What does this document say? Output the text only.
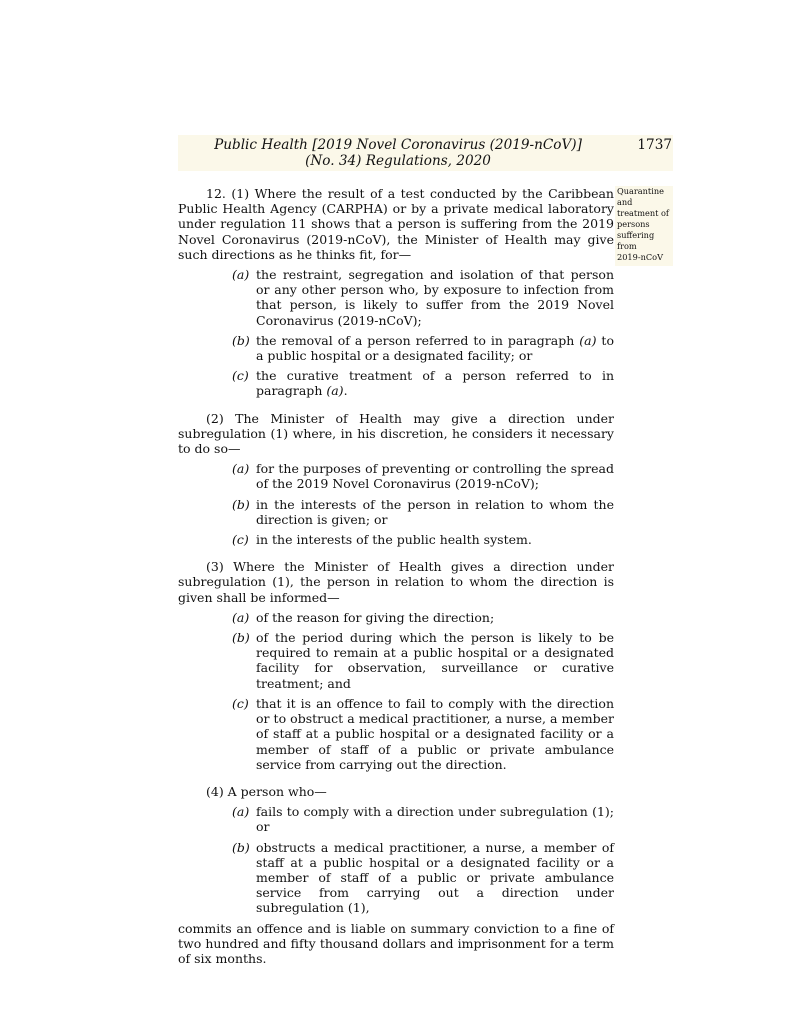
Public Health [2019 Novel Coronavirus (2019-nCoV)]
(No. 34) Regulations, 2020
1737
Quarantine
and
treatment of
persons
suffering
from
2019-nCoV

12. (1) Where the result of a test conducted by the Caribbean Public Health Agency (CARPHA) or by a private medical laboratory under regulation 11 shows that a person is suffering from the 2019 Novel Coronavirus (2019-nCoV), the Minister of Health may give such directions as he thinks fit, for—

(a) the restraint, segregation and isolation of that person or any other person who, by exposure to infection from that person, is likely to suffer from the 2019 Novel Coronavirus (2019-nCoV);
(b) the removal of a person referred to in paragraph (a) to a public hospital or a designated facility; or
(c) the curative treatment of a person referred to in paragraph (a).

(2) The Minister of Health may give a direction under subregulation (1) where, in his discretion, he considers it necessary to do so—

(a) for the purposes of preventing or controlling the spread of the 2019 Novel Coronavirus (2019-nCoV);
(b) in the interests of the person in relation to whom the direction is given; or
(c) in the interests of the public health system.

(3) Where the Minister of Health gives a direction under subregulation (1), the person in relation to whom the direction is given shall be informed—

(a) of the reason for giving the direction;
(b) of the period during which the person is likely to be required to remain at a public hospital or a designated facility for observation, surveillance or curative treatment; and
(c) that it is an offence to fail to comply with the direction or to obstruct a medical practitioner, a nurse, a member of staff at a public hospital or a designated facility or a member of staff of a public or private ambulance service from carrying out the direction.

(4) A person who—

(a) fails to comply with a direction under subregulation (1); or
(b) obstructs a medical practitioner, a nurse, a member of staff at a public hospital or a designated facility or a member of staff of a public or private ambulance service from carrying out a direction under subregulation (1),

commits an offence and is liable on summary conviction to a fine of two hundred and fifty thousand dollars and imprisonment for a term of six months.
